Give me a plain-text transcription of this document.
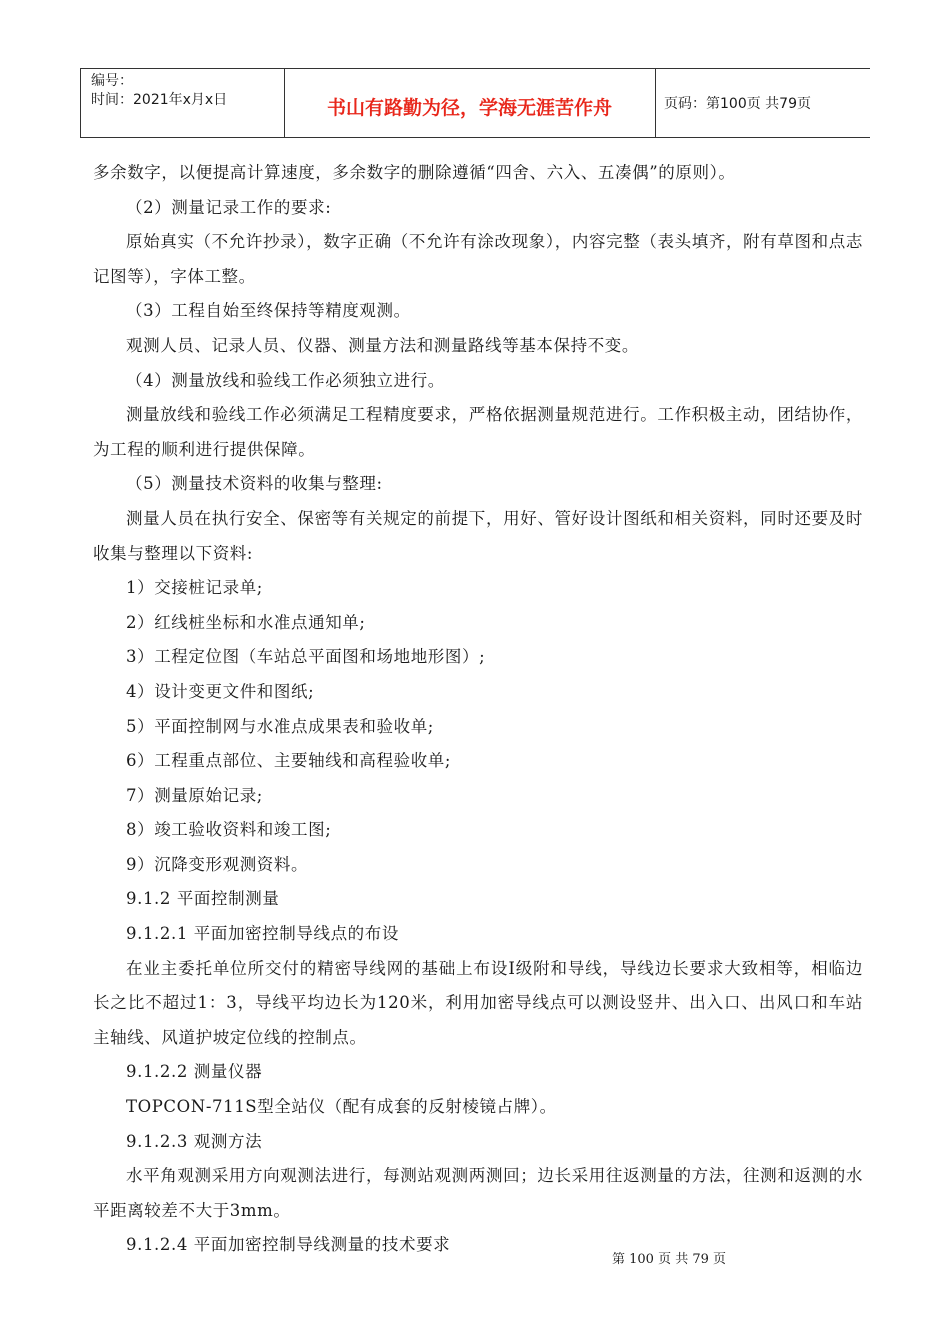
编号：
时间：2021年x月x日	书山有路勤为径，学海无涯苦作舟	页码：第100页 共79页

多余数字，以便提高计算速度，多余数字的删除遵循“四舍、六入、五凑偶”的原则）。

（2）测量记录工作的要求:

原始真实（不允许抄录），数字正确（不允许有涂改现象），内容完整（表头填齐，附有草图和点志记图等），字体工整。

（3）工程自始至终保持等精度观测。

观测人员、记录人员、仪器、测量方法和测量路线等基本保持不变。

（4）测量放线和验线工作必须独立进行。

测量放线和验线工作必须满足工程精度要求，严格依据测量规范进行。工作积极主动，团结协作，为工程的顺利进行提供保障。

（5）测量技术资料的收集与整理:

测量人员在执行安全、保密等有关规定的前提下，用好、管好设计图纸和相关资料，同时还要及时收集与整理以下资料:

1）交接桩记录单;

2）红线桩坐标和水准点通知单;

3）工程定位图（车站总平面图和场地地形图）;

4）设计变更文件和图纸;

5）平面控制网与水准点成果表和验收单;

6）工程重点部位、主要轴线和高程验收单;

7）测量原始记录;

8）竣工验收资料和竣工图;

9）沉降变形观测资料。

9.1.2 平面控制测量

9.1.2.1 平面加密控制导线点的布设

在业主委托单位所交付的精密导线网的基础上布设Ⅰ级附和导线，导线边长要求大致相等，相临边长之比不超过1：3，导线平均边长为120米，利用加密导线点可以测设竖井、出入口、出风口和车站主轴线、风道护坡定位线的控制点。

9.1.2.2 测量仪器

TOPCON-711S型全站仪（配有成套的反射棱镜占牌）。

9.1.2.3 观测方法

水平角观测采用方向观测法进行，每测站观测两测回；边长采用往返测量的方法，往测和返测的水平距离较差不大于3mm。

9.1.2.4 平面加密控制导线测量的技术要求

第 100 页 共 79 页
